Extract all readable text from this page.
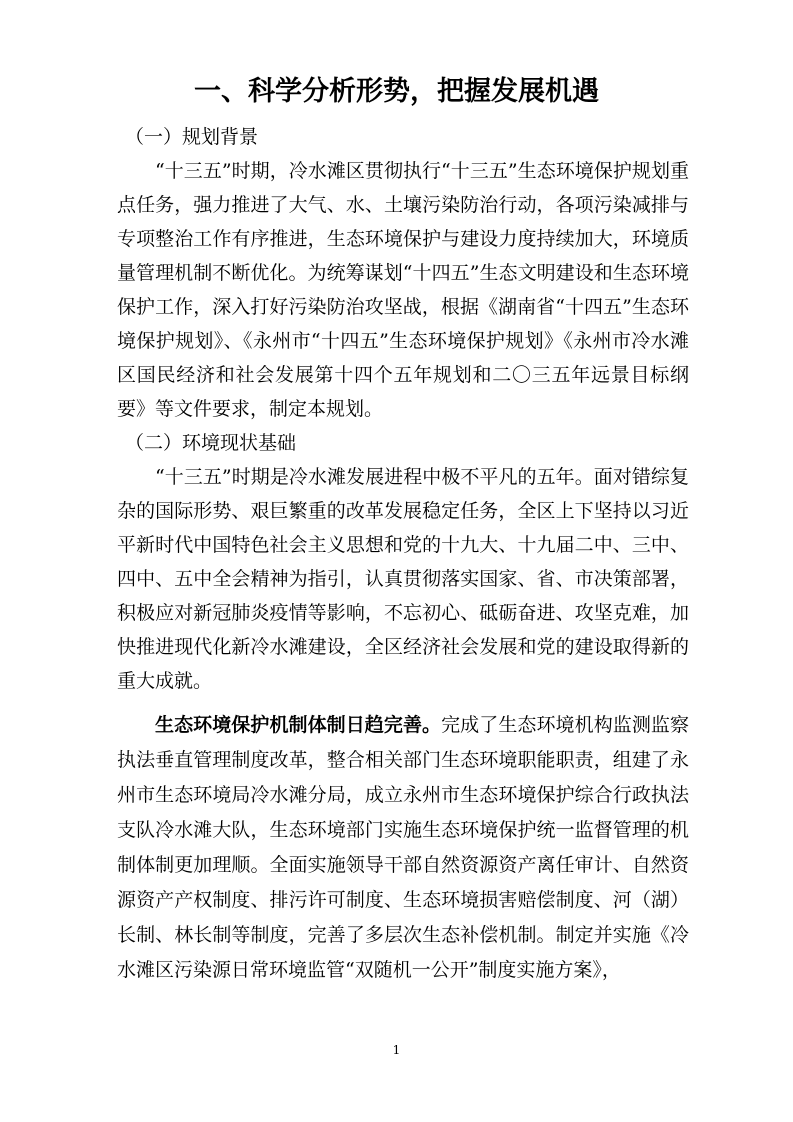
一、科学分析形势，把握发展机遇
（一）规划背景

“十三五”时期，冷水滩区贯彻执行“十三五”生态环境保护规划重点任务，强力推进了大气、水、土壤污染防治行动，各项污染减排与专项整治工作有序推进，生态环境保护与建设力度持续加大，环境质量管理机制不断优化。为统筹谋划“十四五”生态文明建设和生态环境保护工作，深入打好污染防治攻坚战，根据《湖南省“十四五”生态环境保护规划》、《永州市“十四五”生态环境保护规划》《永州市冷水滩区国民经济和社会发展第十四个五年规划和二〇三五年远景目标纲要》等文件要求，制定本规划。

（二）环境现状基础

“十三五”时期是冷水滩发展进程中极不平凡的五年。面对错综复杂的国际形势、艰巨繁重的改革发展稳定任务，全区上下坚持以习近平新时代中国特色社会主义思想和党的十九大、十九届二中、三中、四中、五中全会精神为指引，认真贯彻落实国家、省、市决策部署，积极应对新冠肺炎疫情等影响，不忘初心、砥砺奋进、攻坚克难，加快推进现代化新冷水滩建设，全区经济社会发展和党的建设取得新的重大成就。

生态环境保护机制体制日趋完善。完成了生态环境机构监测监察执法垂直管理制度改革，整合相关部门生态环境职能职责，组建了永州市生态环境局冷水滩分局，成立永州市生态环境保护综合行政执法支队冷水滩大队，生态环境部门实施生态环境保护统一监督管理的机制体制更加理顺。全面实施领导干部自然资源资产离任审计、自然资源资产产权制度、排污许可制度、生态环境损害赔偿制度、河（湖）长制、林长制等制度，完善了多层次生态补偿机制。制定并实施《冷水滩区污染源日常环境监管“双随机一公开”制度实施方案》，

1
